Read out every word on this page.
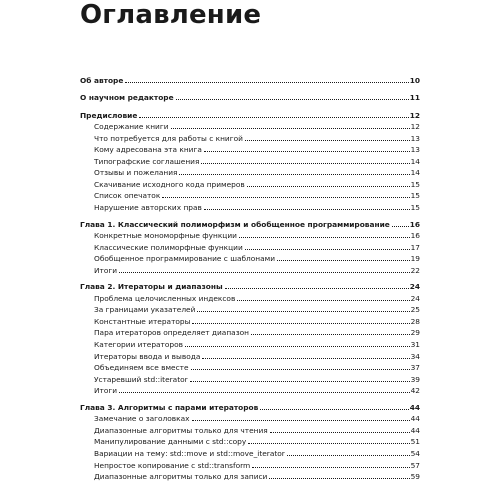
Оглавление
Об авторе	10
О научном редакторе	11
Предисловие	12
Содержание книги	12
Что потребуется для работы с книгой	13
Кому адресована эта книга	13
Типографские соглашения	14
Отзывы и пожелания	14
Скачивание исходного кода примеров	15
Список опечаток	15
Нарушение авторских прав	15
Глава 1. Классический полиморфизм и обобщенное программирование	16
Конкретные мономорфные функции	16
Классические полиморфные функции	17
Обобщенное программирование с шаблонами	19
Итоги	22
Глава 2. Итераторы и диапазоны	24
Проблема целочисленных индексов	24
За границами указателей	25
Константные итераторы	28
Пара итераторов определяет диапазон	29
Категории итераторов	31
Итераторы ввода и вывода	34
Объединяем все вместе	37
Устаревший std::iterator	39
Итоги	42
Глава 3. Алгоритмы с парами итераторов	44
Замечание о заголовках	44
Диапазонные алгоритмы только для чтения	44
Манипулирование данными с std::copy	51
Вариации на тему: std::move и std::move_iterator	54
Непростое копирование с std::transform	57
Диапазонные алгоритмы только для записи	59
